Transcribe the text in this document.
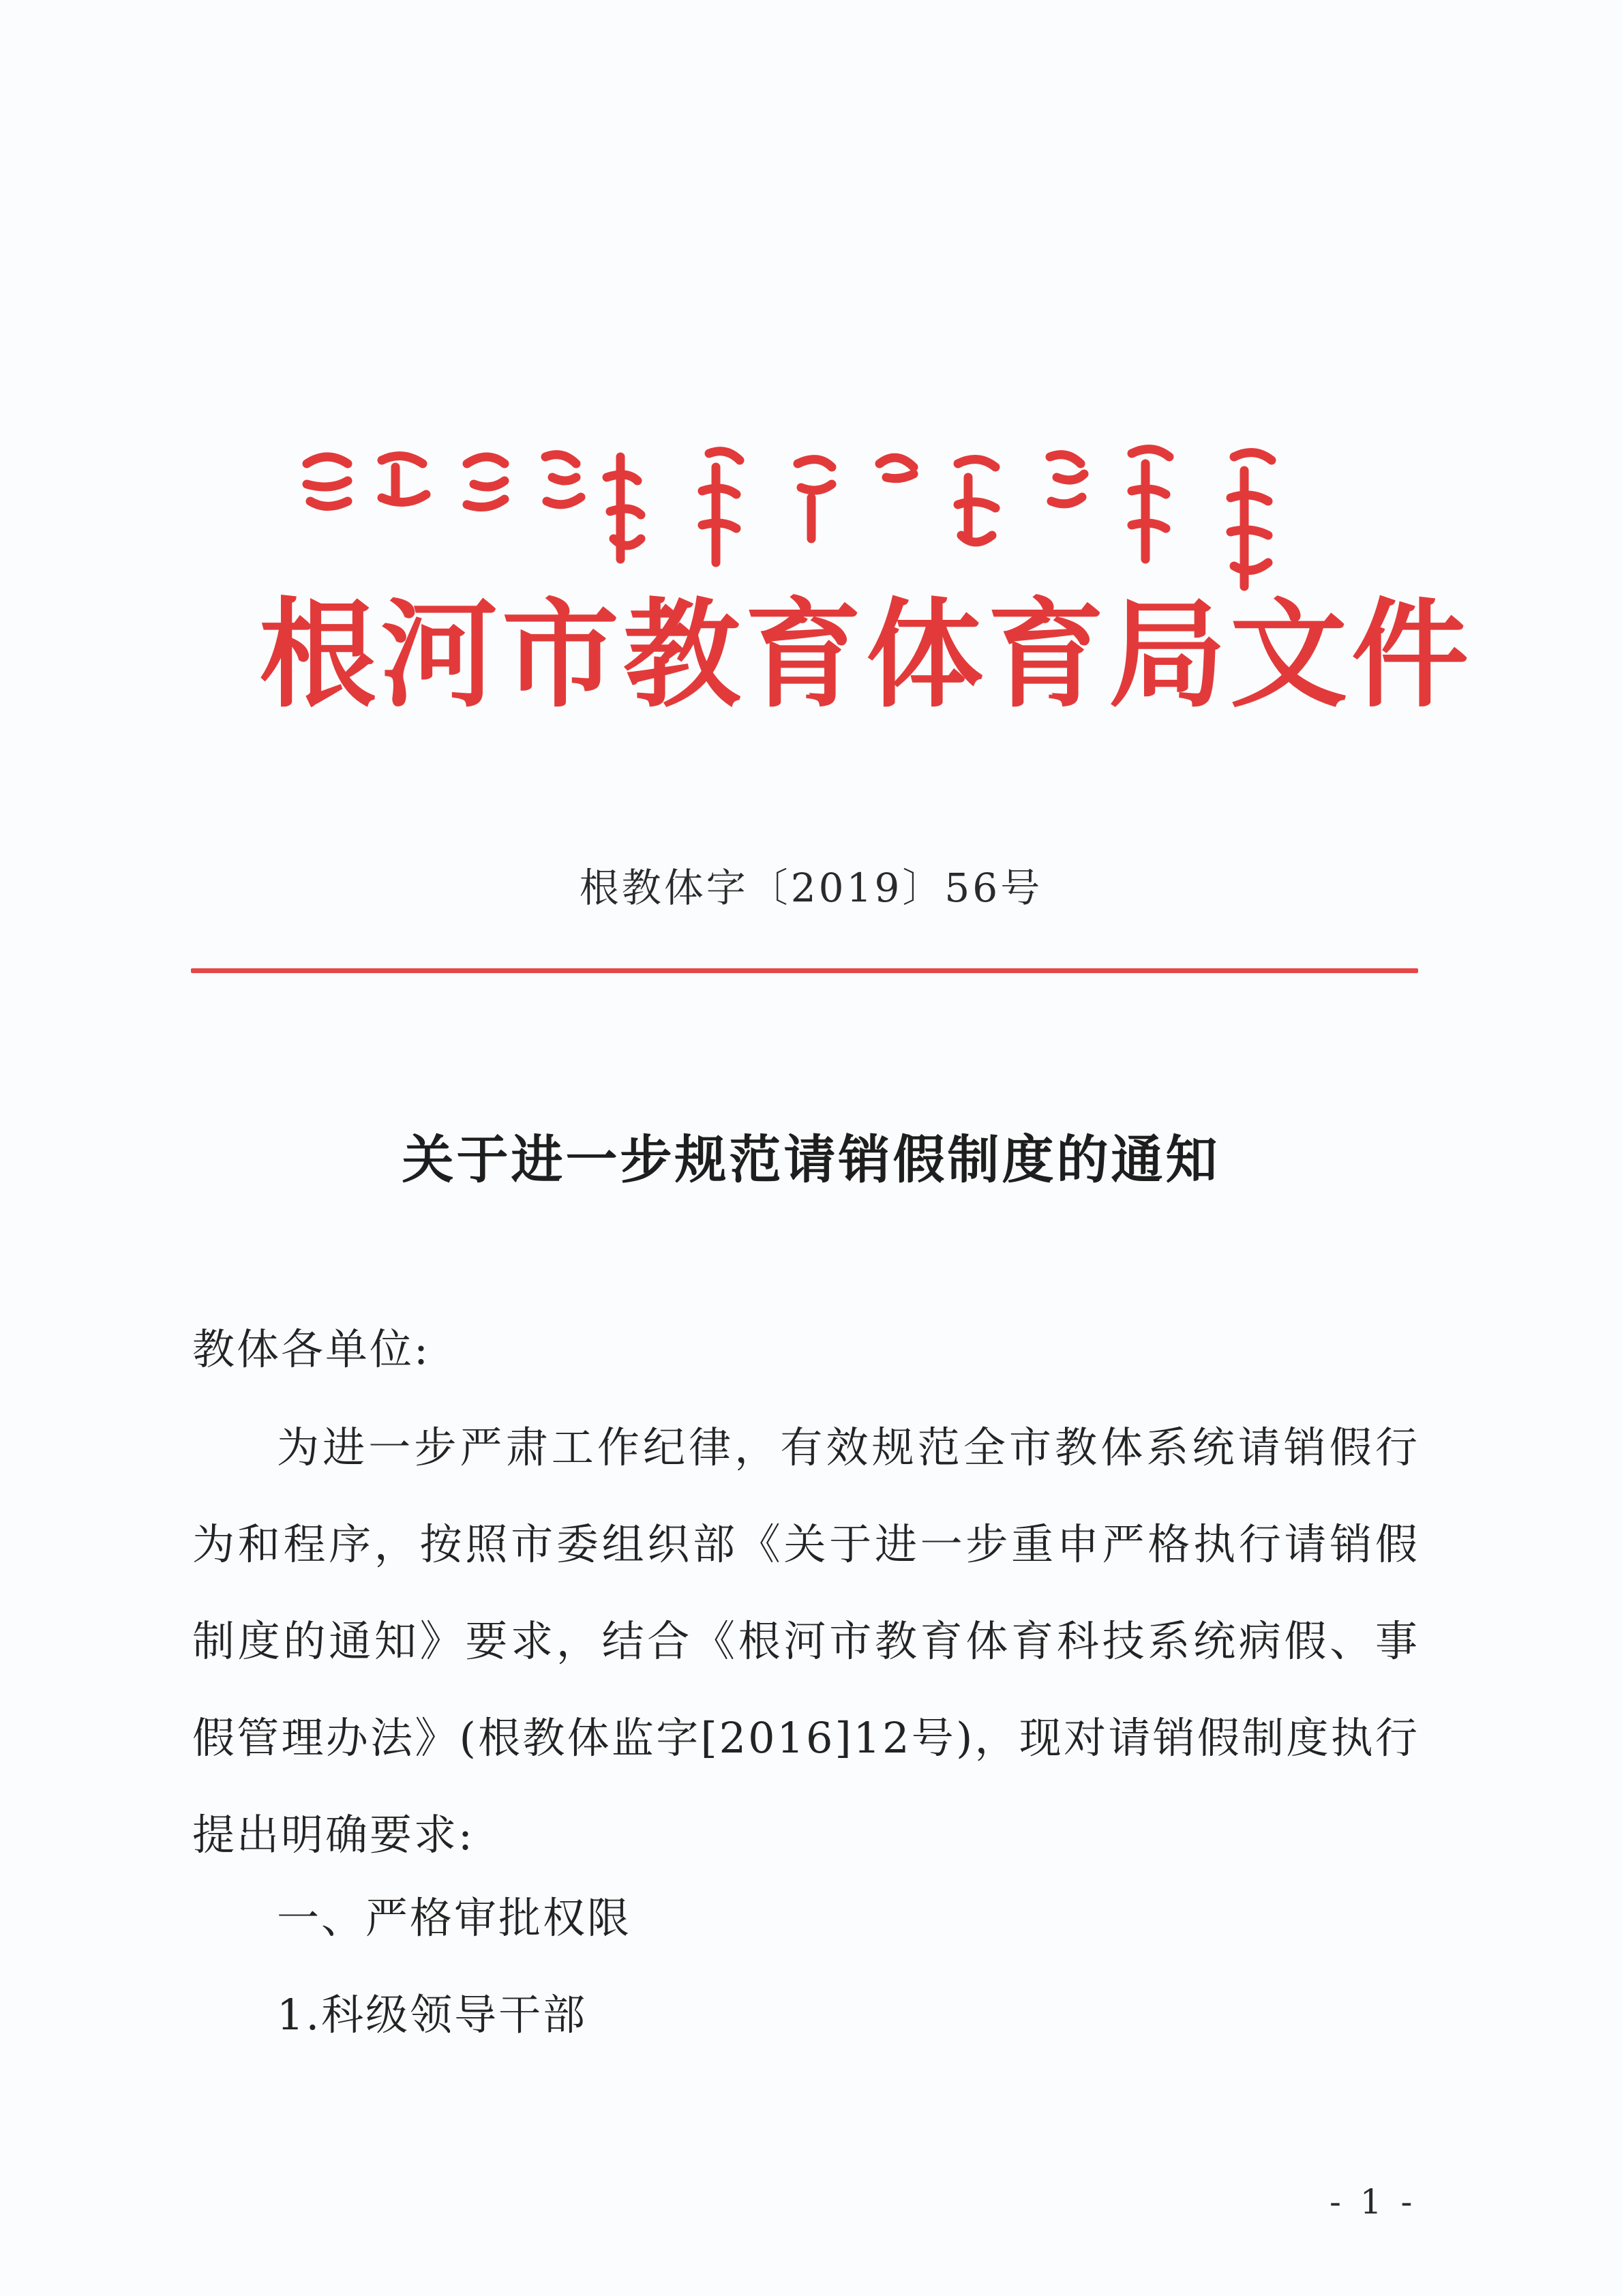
根河市教育体育局文件
根教体字〔2019〕56号
关于进一步规范请销假制度的通知
教体各单位:
为进一步严肃工作纪律，有效规范全市教体系统请销假行为和程序，按照市委组织部《关于进一步重申严格执行请销假制度的通知》要求，结合《根河市教育体育科技系统病假、事假管理办法》(根教体监字[2016]12号)，现对请销假制度执行提出明确要求:
一、严格审批权限
1.科级领导干部
- 1 -
